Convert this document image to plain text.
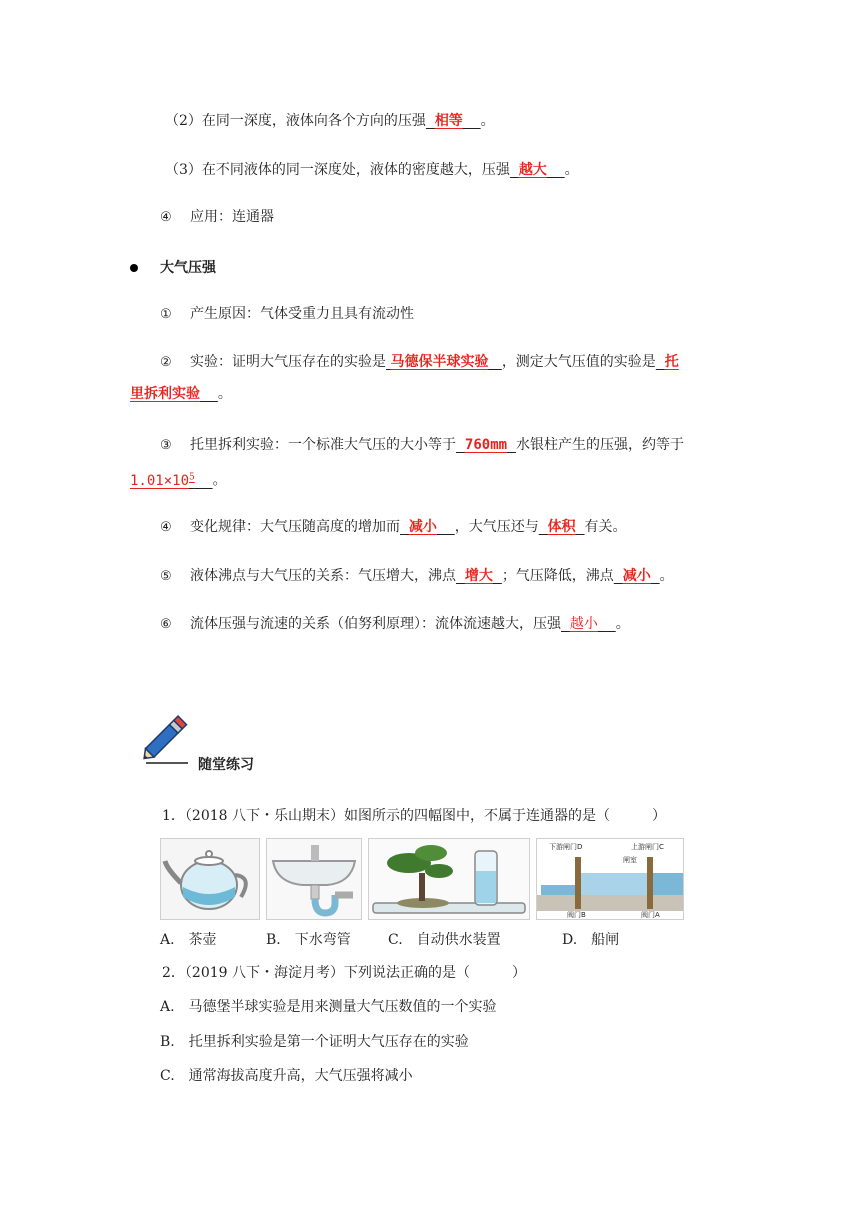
（2）在同一深度，液体向各个方向的压强 相等 。
（3）在不同液体的同一深度处，液体的密度越大，压强 越大 。
④ 应用：连通器
大气压强
① 产生原因：气体受重力且具有流动性
② 实验：证明大气压存在的实验是 马德保半球实验 ，测定大气压值的实验是 托
里拆利实验 。
③ 托里拆利实验：一个标准大气压的大小等于 760mm 水银柱产生的压强，约等于
$1.01\times 10^5$ 。
④ 变化规律：大气压随高度的增加而 减小 ，大气压还与 体积 有关。
⑤ 液体沸点与大气压的关系：气压增大，沸点 增大 ；气压降低，沸点 减小 。
⑥ 流体压强与流速的关系（伯努利原理）：流体流速越大，压强 越小 。
随堂练习
1．（2018 八下・乐山期末）如图所示的四幅图中，不属于连通器的是（　　　）
下游闸门D	上游闸门C
闸室
阀门B	阀门A
A.　茶壶	B.　下水弯管	C.　自动供水装置	D.　船闸
2．（2019 八下・海淀月考）下列说法正确的是（　　　）
A.　马德堡半球实验是用来测量大气压数值的一个实验
B.　托里拆利实验是第一个证明大气压存在的实验
C.　通常海拔高度升高，大气压强将减小
